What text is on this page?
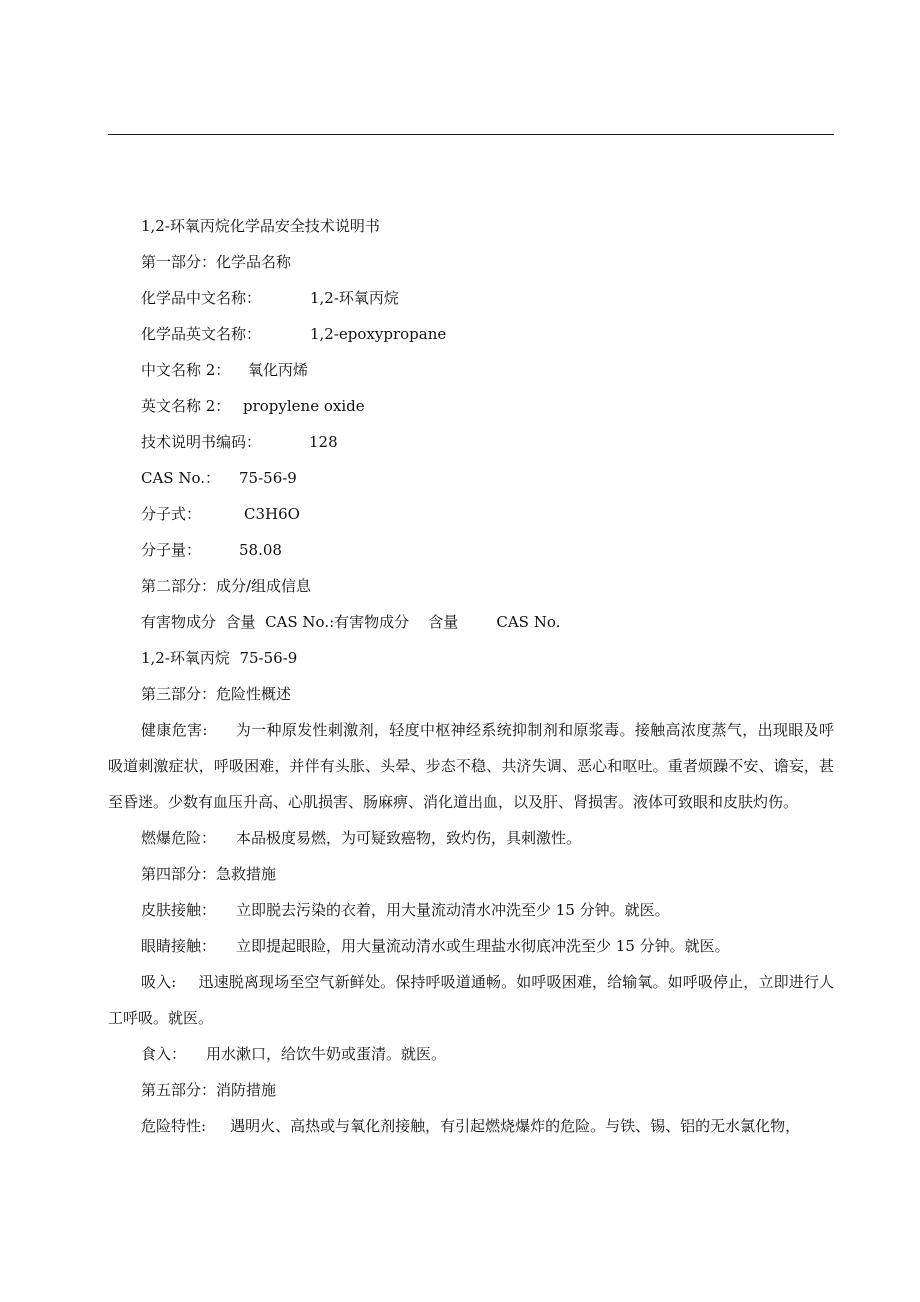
1,2-环氧丙烷化学品安全技术说明书
第一部分：化学品名称
化学品中文名称：	1,2-环氧丙烷
化学品英文名称：	1,2-epoxypropane
中文名称 2： 氧化丙烯
英文名称 2： propylene oxide
技术说明书编码：	128
CAS No.： 75-56-9
分子式：	C3H6O
分子量：	58.08
第二部分：成分/组成信息
有害物成分  含量  CAS No.:有害物成分    含量        CAS No.
1,2-环氧丙烷  75-56-9
第三部分：危险性概述
健康危害: 为一种原发性刺激剂，轻度中枢神经系统抑制剂和原浆毒。接触高浓度蒸气，出现眼及呼吸道刺激症状，呼吸困难，并伴有头胀、头晕、步态不稳、共济失调、恶心和呕吐。重者烦躁不安、谵妄，甚至昏迷。少数有血压升高、心肌损害、肠麻痹、消化道出血，以及肝、肾损害。液体可致眼和皮肤灼伤。
燃爆危险： 本品极度易燃，为可疑致癌物，致灼伤，具刺激性。
第四部分：急救措施
皮肤接触： 立即脱去污染的衣着，用大量流动清水冲洗至少 15 分钟。就医。
眼睛接触： 立即提起眼睑，用大量流动清水或生理盐水彻底冲洗至少 15 分钟。就医。
吸入: 迅速脱离现场至空气新鲜处。保持呼吸道通畅。如呼吸困难，给输氧。如呼吸停止，立即进行人工呼吸。就医。
食入： 用水漱口，给饮牛奶或蛋清。就医。
第五部分：消防措施
危险特性: 遇明火、高热或与氧化剂接触，有引起燃烧爆炸的危险。与铁、锡、铝的无水氯化物，
